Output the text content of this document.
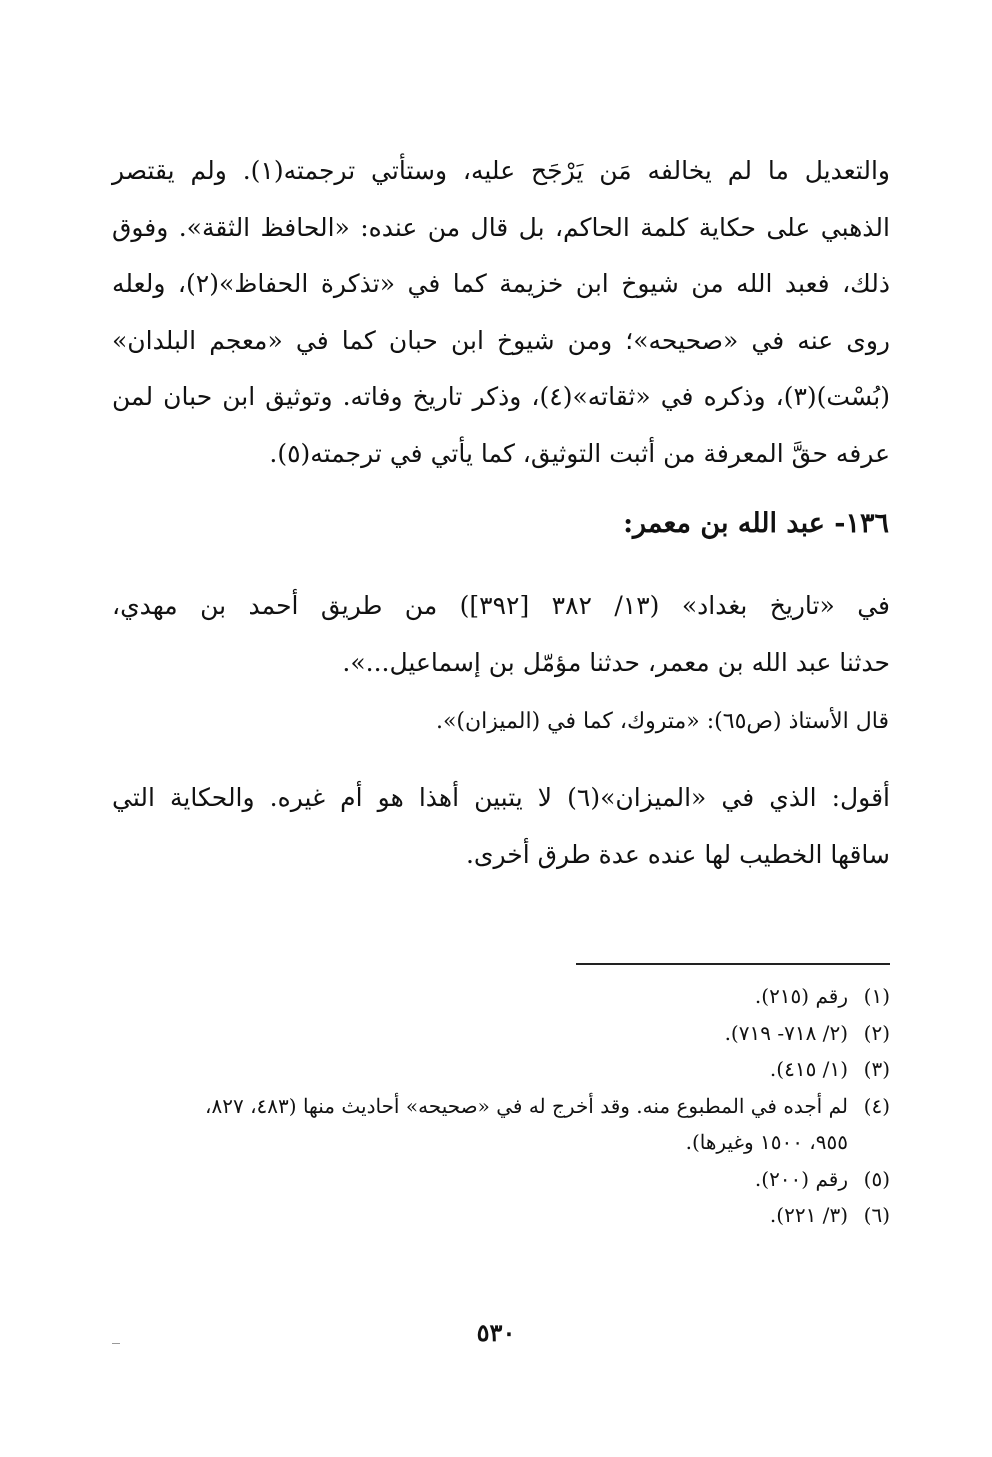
والتعديل ما لم يخالفه مَن يَرْجَح عليه، وستأتي ترجمته(١). ولم يقتصر
الذهبي على حكاية كلمة الحاكم، بل قال من عنده: «الحافظ الثقة». وفوق
ذلك، فعبد الله من شيوخ ابن خزيمة كما في «تذكرة الحفاظ»(٢)، ولعله
روى عنه في «صحيحه»؛ ومن شيوخ ابن حبان كما في «معجم البلدان»
(بُسْت)(٣)، وذكره في «ثقاته»(٤)، وذكر تاريخ وفاته. وتوثيق ابن حبان لمن
عرفه حقَّ المعرفة من أثبت التوثيق، كما يأتي في ترجمته(٥).
١٣٦- عبد الله بن معمر:
في «تاريخ بغداد» (١٣/ ٣٨٢ [٣٩٢]) من طريق أحمد بن مهدي،
حدثنا عبد الله بن معمر، حدثنا مؤمّل بن إسماعيل...».

قال الأستاذ (ص٦٥): «متروك، كما في (الميزان)».

أقول: الذي في «الميزان»(٦) لا يتبين أهذا هو أم غيره. والحكاية التي
ساقها الخطيب لها عنده عدة طرق أخرى.
(١)
رقم (٢١٥).
(٢)
(٢/ ٧١٨- ٧١٩).
(٣)
(١/ ٤١٥).
(٤)
لم أجده في المطبوع منه. وقد أخرج له في «صحيحه» أحاديث منها (٤٨٣، ٨٢٧،
٩٥٥، ١٥٠٠ وغيرها).
(٥)
رقم (٢٠٠).
(٦)
(٣/ ٢٢١).
٥٣٠
